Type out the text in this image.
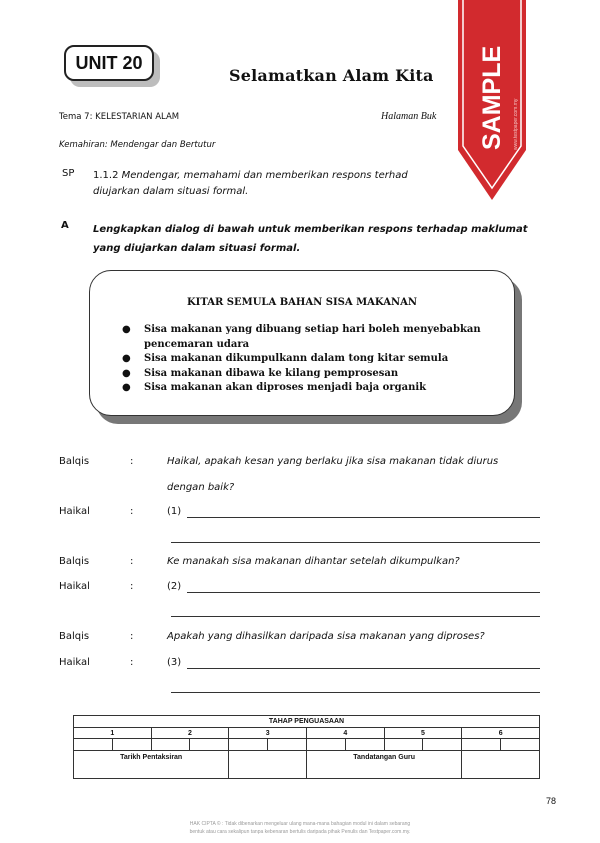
UNIT 20
Selamatkan Alam Kita
Tema 7: KELESTARIAN ALAM	Halaman Buk
Kemahiran: Mendengar dan Bertutur
SP 1.1.2 Mendengar, memahami dan memberikan respons terhad
diujarkan dalam situasi formal.
A Lengkapkan dialog di bawah untuk memberikan respons terhadap maklumat
yang diujarkan dalam situasi formal.
KITAR SEMULA BAHAN SISA MAKANAN
● Sisa makanan yang dibuang setiap hari boleh menyebabkan pencemaran udara
● Sisa makanan dikumpulkann dalam tong kitar semula
● Sisa makanan dibawa ke kilang pemprosesan
● Sisa makanan akan diproses menjadi baja organik
Balqis	:	Haikal, apakah kesan yang berlaku jika sisa makanan tidak diurus
dengan baik?
Haikal	:	(1)
Balqis	:	Ke manakah sisa makanan dihantar setelah dikumpulkan?
Haikal	:	(2)
Balqis	:	Apakah yang dihasilkan daripada sisa makanan yang diproses?
Haikal	:	(3)
TAHAP PENGUASAAN											
1		2		3		4		5		6	

Tarikh Pentaksiran						Tandatangan Guru					
78
HAK CIPTA © : Tidak dibenarkan mengeluar ulang mana-mana bahagian modul ini dalam sebarang
bentuk atau cara sekalipun tanpa kebenaran bertulis daripada pihak Penulis dan Testpaper.com.my.
SAMPLE www.testpaper.com.my
